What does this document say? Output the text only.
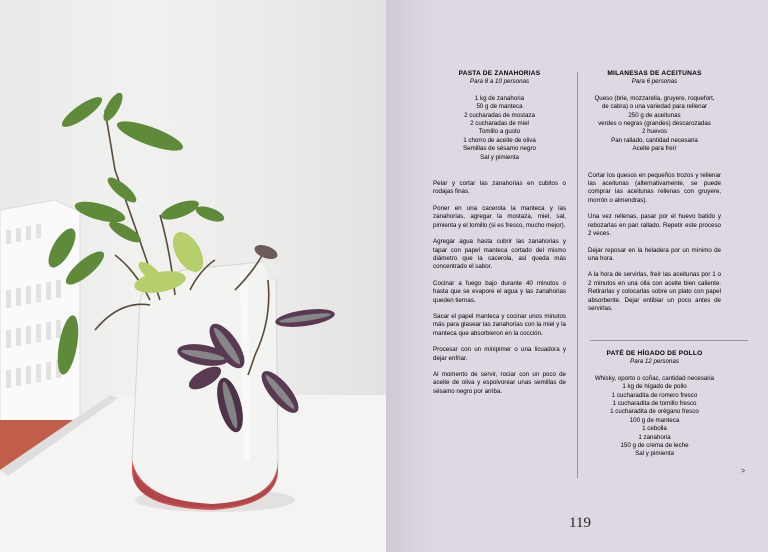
PASTA DE ZANAHORIAS
Para 8 a 10 personas
1 kg de zanahoria
50 g de manteca
2 cucharadas de mostaza
2 cucharadas de miel
Tomillo a gusto
1 chorro de aceite de oliva
Semillas de sésamo negro
Sal y pimienta

Pelar y cortar las zanahorias en cubitos o rodajas finas.

Poner en una cacerola la manteca y las zanahorias, agregar la mostaza, miel, sal, pimienta y el tomillo (si es fresco, mucho mejor).

Agregar agua hasta cubrir las zanahorias y tapar con papel manteca cortado del mismo diámetro que la cacerola, así queda más concentrado el sabor.

Cocinar a fuego bajo durante 40 minutos o hasta que se evapore el agua y las zanahorias queden tiernas.

Sacar el papel manteca y cocinar unos minutos más para glasear las zanahorias con la miel y la manteca que absorbieron en la cocción.

Procesar con un minipimer o una licuadora y dejar enfriar.

Al momento de servir, rociar con un poco de aceite de oliva y espolvorear unas semillas de sésamo negro por arriba.

MILANESAS DE ACEITUNAS
Para 6 personas
Queso (brie, mozzarella, gruyere, roquefort,
de cabra) o una variedad para rellenar
250 g de aceitunas
verdes o negras (grandes) descarozadas
2 huevos
Pan rallado, cantidad necesaria
Aceite para freír

Cortar los quesos en pequeños trozos y rellenar las aceitunas (alternativamente, se puede comprar las aceitunas rellenas con gruyere, morrón o almendras).

Una vez rellenas, pasar por el huevo batido y rebozarlas en pan rallado. Repetir este proceso 2 veces.

Dejar reposar en la heladera por un mínimo de una hora.

A la hora de servirlas, freír las aceitunas por 1 o 2 minutos en una olla con aceite bien caliente. Retirarlas y colocarlas sobre un plato con papel absorbente. Dejar entibiar un poco antes de servirlas.

PATÉ DE HÍGADO DE POLLO
Para 12 personas
Whisky, oporto o coñac, cantidad necesaria
1 kg de hígado de pollo
1 cucharadita de romero fresco
1 cucharadita de tomillo fresco
1 cucharadita de orégano fresco
100 g de manteca
1 cebolla
1 zanahoria
150 g de crema de leche
Sal y pimienta
>
119
